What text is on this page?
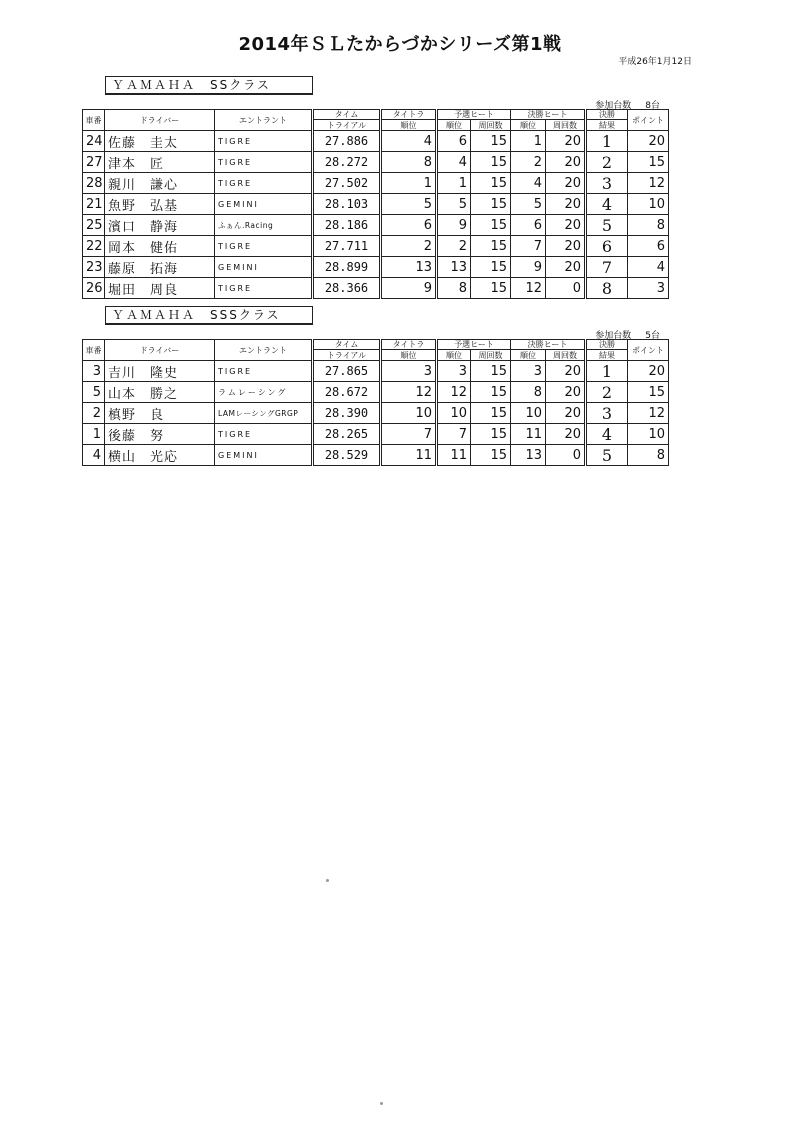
2014年ＳＬたからづかシリーズ第1戦
平成26年1月12日
ＹＡＭＡＨＡ　SSクラス
参加台数 8台
車番	ドライバー	エントラント	タイム	タイトラ	予選ヒート		決勝ヒート		決勝	ポイント
			トライアル	順位	順位	周回数	順位	周回数	結果	
24	佐藤　圭太	TIGRE	27.886	4	6	15	1	20	1	20
27	津本　匠	TIGRE	28.272	8	4	15	2	20	2	15
28	親川　謙心	TIGRE	27.502	1	1	15	4	20	3	12
21	魚野　弘基	GEMINI	28.103	5	5	15	5	20	4	10
25	濱口　静海	ふぁん.Racing	28.186	6	9	15	6	20	5	8
22	岡本　健佑	TIGRE	27.711	2	2	15	7	20	6	6
23	藤原　拓海	GEMINI	28.899	13	13	15	9	20	7	4
26	堀田　周良	TIGRE	28.366	9	8	15	12	0	8	3
ＹＡＭＡＨＡ　SSSクラス
参加台数 5台
車番	ドライバー	エントラント	タイム	タイトラ	予選ヒート		決勝ヒート		決勝	ポイント
			トライアル	順位	順位	周回数	順位	周回数	結果	
3	吉川　隆史	TIGRE	27.865	3	3	15	3	20	1	20
5	山本　勝之	ラムレーシング	28.672	12	12	15	8	20	2	15
2	槙野　良	LAMレーシングGRGP	28.390	10	10	15	10	20	3	12
1	後藤　努	TIGRE	28.265	7	7	15	11	20	4	10
4	横山　光応	GEMINI	28.529	11	11	15	13	0	5	8
